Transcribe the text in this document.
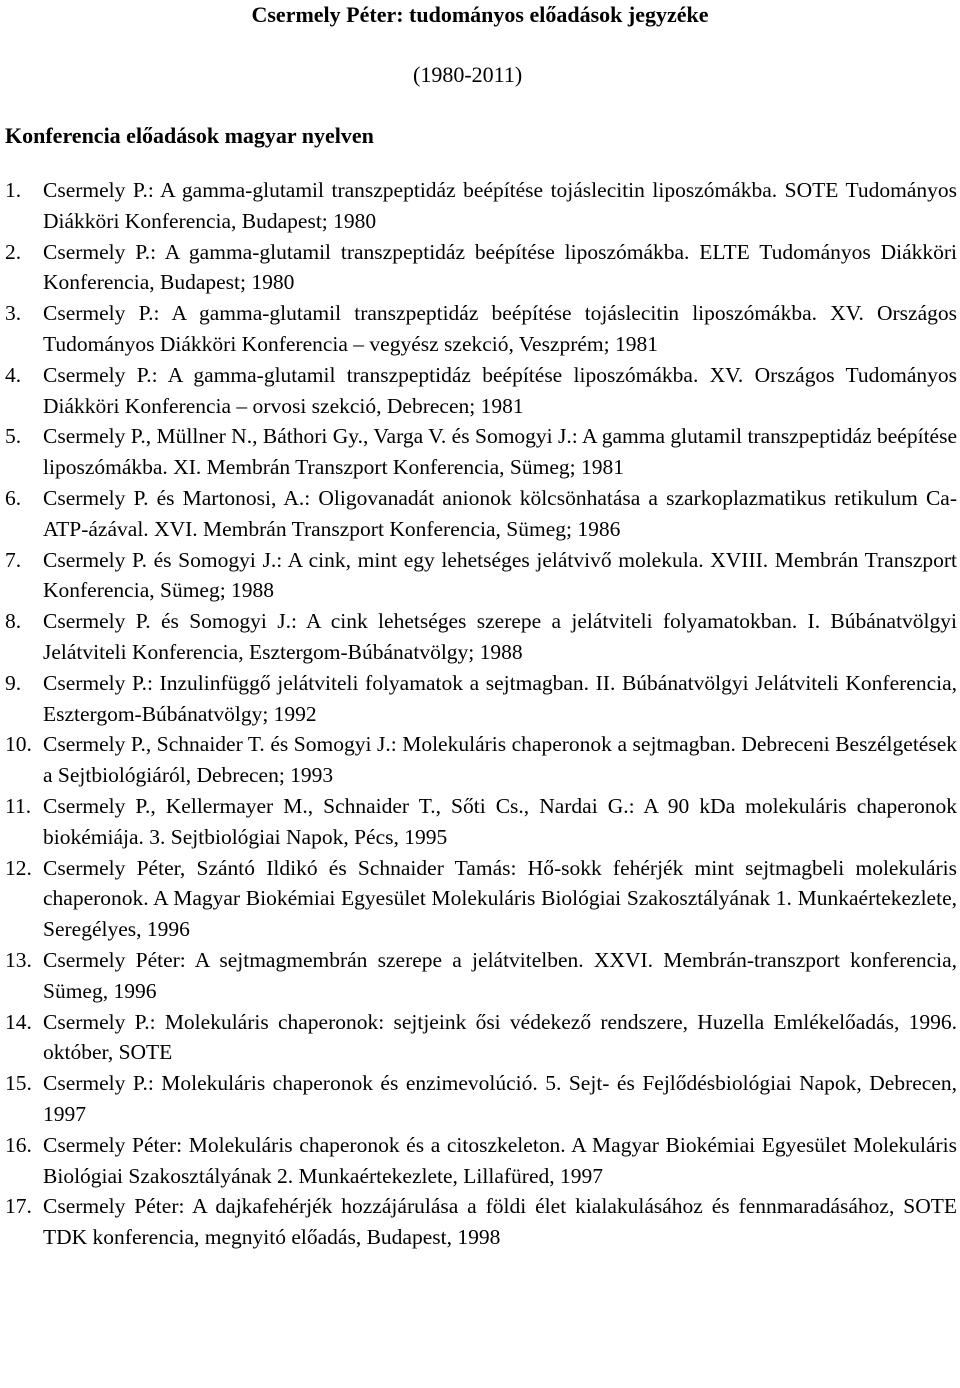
Csermely Péter: tudományos előadások jegyzéke
(1980-2011)
Konferencia előadások magyar nyelven
1. Csermely P.: A gamma-glutamil transzpeptidáz beépítése tojáslecitin liposzómákba. SOTE Tudományos Diákköri Konferencia, Budapest; 1980
2. Csermely P.: A gamma-glutamil transzpeptidáz beépítése liposzómákba. ELTE Tudományos Diákköri Konferencia, Budapest; 1980
3. Csermely P.: A gamma-glutamil transzpeptidáz beépítése tojáslecitin liposzómákba. XV. Országos Tudományos Diákköri Konferencia – vegyész szekció, Veszprém; 1981
4. Csermely P.: A gamma-glutamil transzpeptidáz beépítése liposzómákba. XV. Országos Tudományos Diákköri Konferencia – orvosi szekció, Debrecen; 1981
5. Csermely P., Müllner N., Báthori Gy., Varga V. és Somogyi J.: A gamma glutamil transzpeptidáz beépítése liposzómákba. XI. Membrán Transzport Konferencia, Sümeg; 1981
6. Csermely P. és Martonosi, A.: Oligovanadát anionok kölcsönhatása a szarkoplazmatikus retikulum Ca-ATP-ázával. XVI. Membrán Transzport Konferencia, Sümeg; 1986
7. Csermely P. és Somogyi J.: A cink, mint egy lehetséges jelátvivő molekula. XVIII. Membrán Transzport Konferencia, Sümeg; 1988
8. Csermely P. és Somogyi J.: A cink lehetséges szerepe a jelátviteli folyamatokban. I. Búbánatvölgyi Jelátviteli Konferencia, Esztergom-Búbánatvölgy; 1988
9. Csermely P.: Inzulinfüggő jelátviteli folyamatok a sejtmagban. II. Búbánatvölgyi Jelátviteli Konferencia, Esztergom-Búbánatvölgy; 1992
10. Csermely P., Schnaider T. és Somogyi J.: Molekuláris chaperonok a sejtmagban. Debreceni Beszélgetések a Sejtbiológiáról, Debrecen; 1993
11. Csermely P., Kellermayer M., Schnaider T., Sőti Cs., Nardai G.: A 90 kDa molekuláris chaperonok biokémiája. 3. Sejtbiológiai Napok, Pécs, 1995
12. Csermely Péter, Szántó Ildikó és Schnaider Tamás: Hő-sokk fehérjék mint sejtmagbeli molekuláris chaperonok. A Magyar Biokémiai Egyesület Molekuláris Biológiai Szakosztályának 1. Munkaértekezlete, Seregélyes, 1996
13. Csermely Péter: A sejtmagmembrán szerepe a jelátvitelben. XXVI. Membrán-transzport konferencia, Sümeg, 1996
14. Csermely P.: Molekuláris chaperonok: sejtjeink ősi védekező rendszere, Huzella Emlékelőadás, 1996. október, SOTE
15. Csermely P.: Molekuláris chaperonok és enzimevolúció. 5. Sejt- és Fejlődésbiológiai Napok, Debrecen, 1997
16. Csermely Péter: Molekuláris chaperonok és a citoszkeleton. A Magyar Biokémiai Egyesület Molekuláris Biológiai Szakosztályának 2. Munkaértekezlete, Lillafüred, 1997
17. Csermely Péter: A dajkafehérjék hozzájárulása a földi élet kialakulásához és fennmaradásához, SOTE TDK konferencia, megnyitó előadás, Budapest, 1998
